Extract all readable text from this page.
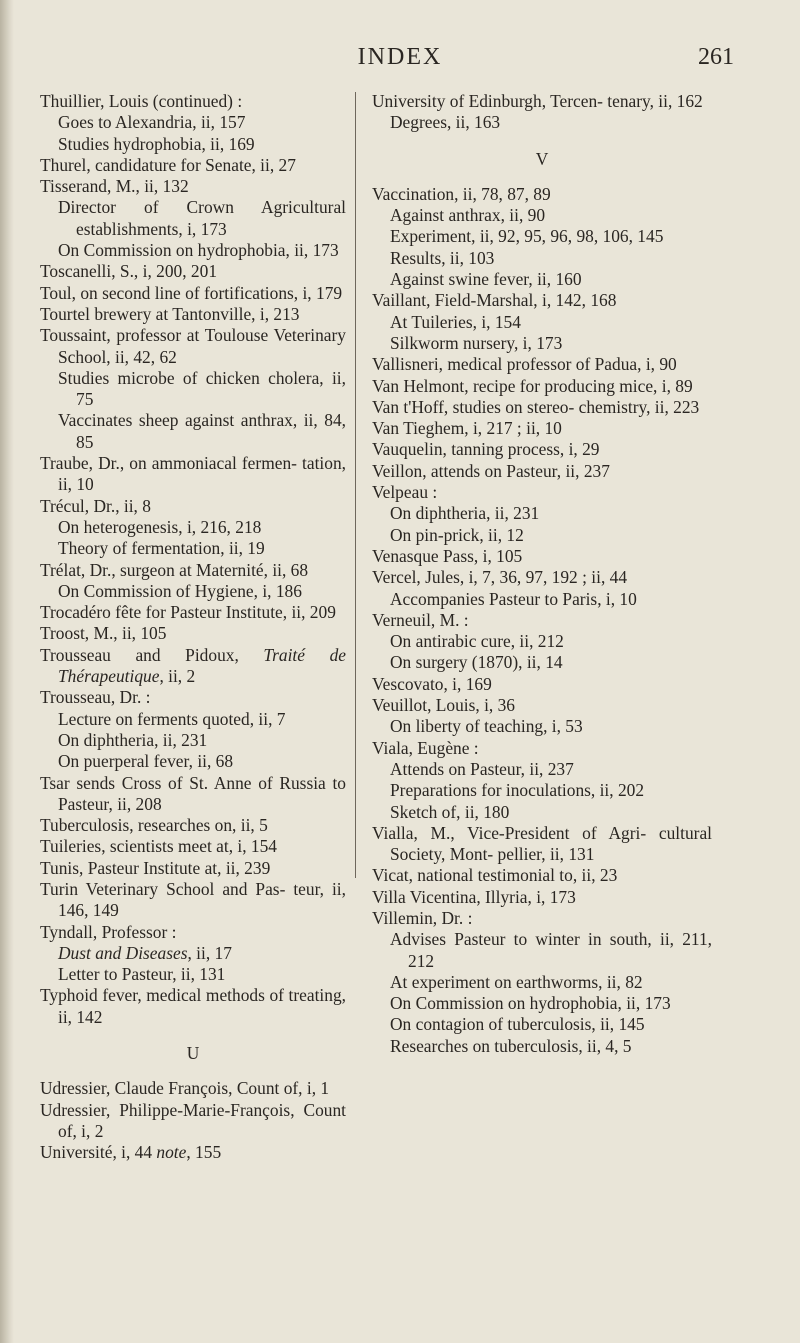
INDEX	261
Thuillier, Louis (continued) :
Goes to Alexandria, ii, 157
Studies hydrophobia, ii, 169
Thurel, candidature for Senate, ii, 27
Tisserand, M., ii, 132
Director of Crown Agricultural establishments, i, 173
On Commission on hydrophobia, ii, 173
Toscanelli, S., i, 200, 201
Toul, on second line of fortifications, i, 179
Tourtel brewery at Tantonville, i, 213
Toussaint, professor at Toulouse Veterinary School, ii, 42, 62
Studies microbe of chicken cholera, ii, 75
Vaccinates sheep against anthrax, ii, 84, 85
Traube, Dr., on ammoniacal fermen- tation, ii, 10
Trécul, Dr., ii, 8
On heterogenesis, i, 216, 218
Theory of fermentation, ii, 19
Trélat, Dr., surgeon at Maternité, ii, 68
On Commission of Hygiene, i, 186
Trocadéro fête for Pasteur Institute, ii, 209
Troost, M., ii, 105
Trousseau and Pidoux, Traité de Thérapeutique, ii, 2
Trousseau, Dr. :
Lecture on ferments quoted, ii, 7
On diphtheria, ii, 231
On puerperal fever, ii, 68
Tsar sends Cross of St. Anne of Russia to Pasteur, ii, 208
Tuberculosis, researches on, ii, 5
Tuileries, scientists meet at, i, 154
Tunis, Pasteur Institute at, ii, 239
Turin Veterinary School and Pas- teur, ii, 146, 149
Tyndall, Professor :
Dust and Diseases, ii, 17
Letter to Pasteur, ii, 131
Typhoid fever, medical methods of treating, ii, 142
U
Udressier, Claude François, Count of, i, 1
Udressier, Philippe-Marie-François, Count of, i, 2
Université, i, 44 note, 155
University of Edinburgh, Tercen- tenary, ii, 162
Degrees, ii, 163
V
Vaccination, ii, 78, 87, 89
Against anthrax, ii, 90
Experiment, ii, 92, 95, 96, 98, 106, 145
Results, ii, 103
Against swine fever, ii, 160
Vaillant, Field-Marshal, i, 142, 168
At Tuileries, i, 154
Silkworm nursery, i, 173
Vallisneri, medical professor of Padua, i, 90
Van Helmont, recipe for producing mice, i, 89
Van t'Hoff, studies on stereo- chemistry, ii, 223
Van Tieghem, i, 217 ; ii, 10
Vauquelin, tanning process, i, 29
Veillon, attends on Pasteur, ii, 237
Velpeau :
On diphtheria, ii, 231
On pin-prick, ii, 12
Venasque Pass, i, 105
Vercel, Jules, i, 7, 36, 97, 192 ; ii, 44
Accompanies Pasteur to Paris, i, 10
Verneuil, M. :
On antirabic cure, ii, 212
On surgery (1870), ii, 14
Vescovato, i, 169
Veuillot, Louis, i, 36
On liberty of teaching, i, 53
Viala, Eugène :
Attends on Pasteur, ii, 237
Preparations for inoculations, ii, 202
Sketch of, ii, 180
Vialla, M., Vice-President of Agri- cultural Society, Mont- pellier, ii, 131
Vicat, national testimonial to, ii, 23
Villa Vicentina, Illyria, i, 173
Villemin, Dr. :
Advises Pasteur to winter in south, ii, 211, 212
At experiment on earthworms, ii, 82
On Commission on hydrophobia, ii, 173
On contagion of tuberculosis, ii, 145
Researches on tuberculosis, ii, 4, 5
